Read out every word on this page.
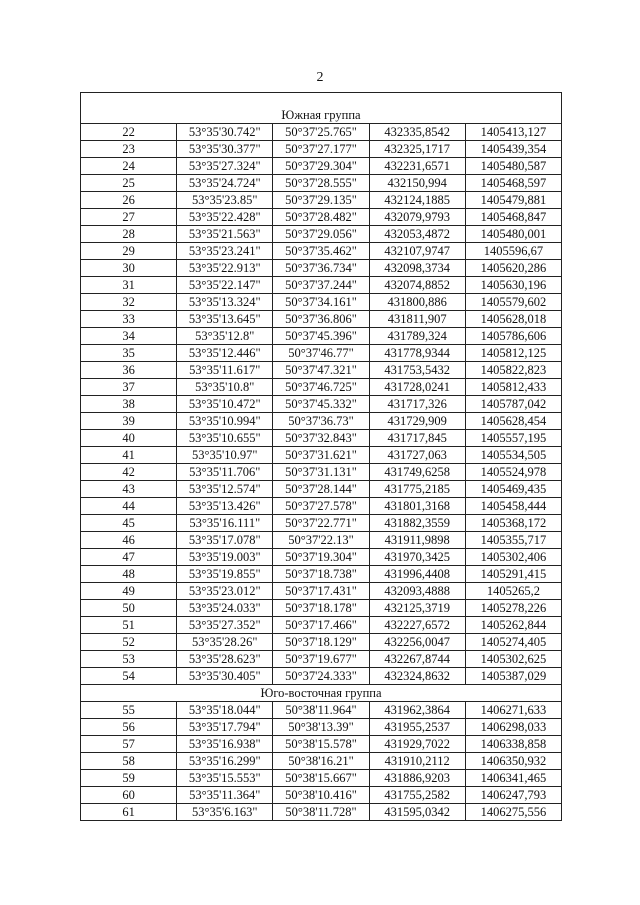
2

Южная группа				
22	53°35'30.742"	50°37'25.765"	432335,8542	1405413,127
23	53°35'30.377"	50°37'27.177"	432325,1717	1405439,354
24	53°35'27.324"	50°37'29.304"	432231,6571	1405480,587
25	53°35'24.724"	50°37'28.555"	432150,994	1405468,597
26	53°35'23.85"	50°37'29.135"	432124,1885	1405479,881
27	53°35'22.428"	50°37'28.482"	432079,9793	1405468,847
28	53°35'21.563"	50°37'29.056"	432053,4872	1405480,001
29	53°35'23.241"	50°37'35.462"	432107,9747	1405596,67
30	53°35'22.913"	50°37'36.734"	432098,3734	1405620,286
31	53°35'22.147"	50°37'37.244"	432074,8852	1405630,196
32	53°35'13.324"	50°37'34.161"	431800,886	1405579,602
33	53°35'13.645"	50°37'36.806"	431811,907	1405628,018
34	53°35'12.8"	50°37'45.396"	431789,324	1405786,606
35	53°35'12.446"	50°37'46.77"	431778,9344	1405812,125
36	53°35'11.617"	50°37'47.321"	431753,5432	1405822,823
37	53°35'10.8"	50°37'46.725"	431728,0241	1405812,433
38	53°35'10.472"	50°37'45.332"	431717,326	1405787,042
39	53°35'10.994"	50°37'36.73"	431729,909	1405628,454
40	53°35'10.655"	50°37'32.843"	431717,845	1405557,195
41	53°35'10.97"	50°37'31.621"	431727,063	1405534,505
42	53°35'11.706"	50°37'31.131"	431749,6258	1405524,978
43	53°35'12.574"	50°37'28.144"	431775,2185	1405469,435
44	53°35'13.426"	50°37'27.578"	431801,3168	1405458,444
45	53°35'16.111"	50°37'22.771"	431882,3559	1405368,172
46	53°35'17.078"	50°37'22.13"	431911,9898	1405355,717
47	53°35'19.003"	50°37'19.304"	431970,3425	1405302,406
48	53°35'19.855"	50°37'18.738"	431996,4408	1405291,415
49	53°35'23.012"	50°37'17.431"	432093,4888	1405265,2
50	53°35'24.033"	50°37'18.178"	432125,3719	1405278,226
51	53°35'27.352"	50°37'17.466"	432227,6572	1405262,844
52	53°35'28.26"	50°37'18.129"	432256,0047	1405274,405
53	53°35'28.623"	50°37'19.677"	432267,8744	1405302,625
54	53°35'30.405"	50°37'24.333"	432324,8632	1405387,029
Юго-восточная группа				
55	53°35'18.044"	50°38'11.964"	431962,3864	1406271,633
56	53°35'17.794"	50°38'13.39"	431955,2537	1406298,033
57	53°35'16.938"	50°38'15.578"	431929,7022	1406338,858
58	53°35'16.299"	50°38'16.21"	431910,2112	1406350,932
59	53°35'15.553"	50°38'15.667"	431886,9203	1406341,465
60	53°35'11.364"	50°38'10.416"	431755,2582	1406247,793
61	53°35'6.163"	50°38'11.728"	431595,0342	1406275,556
